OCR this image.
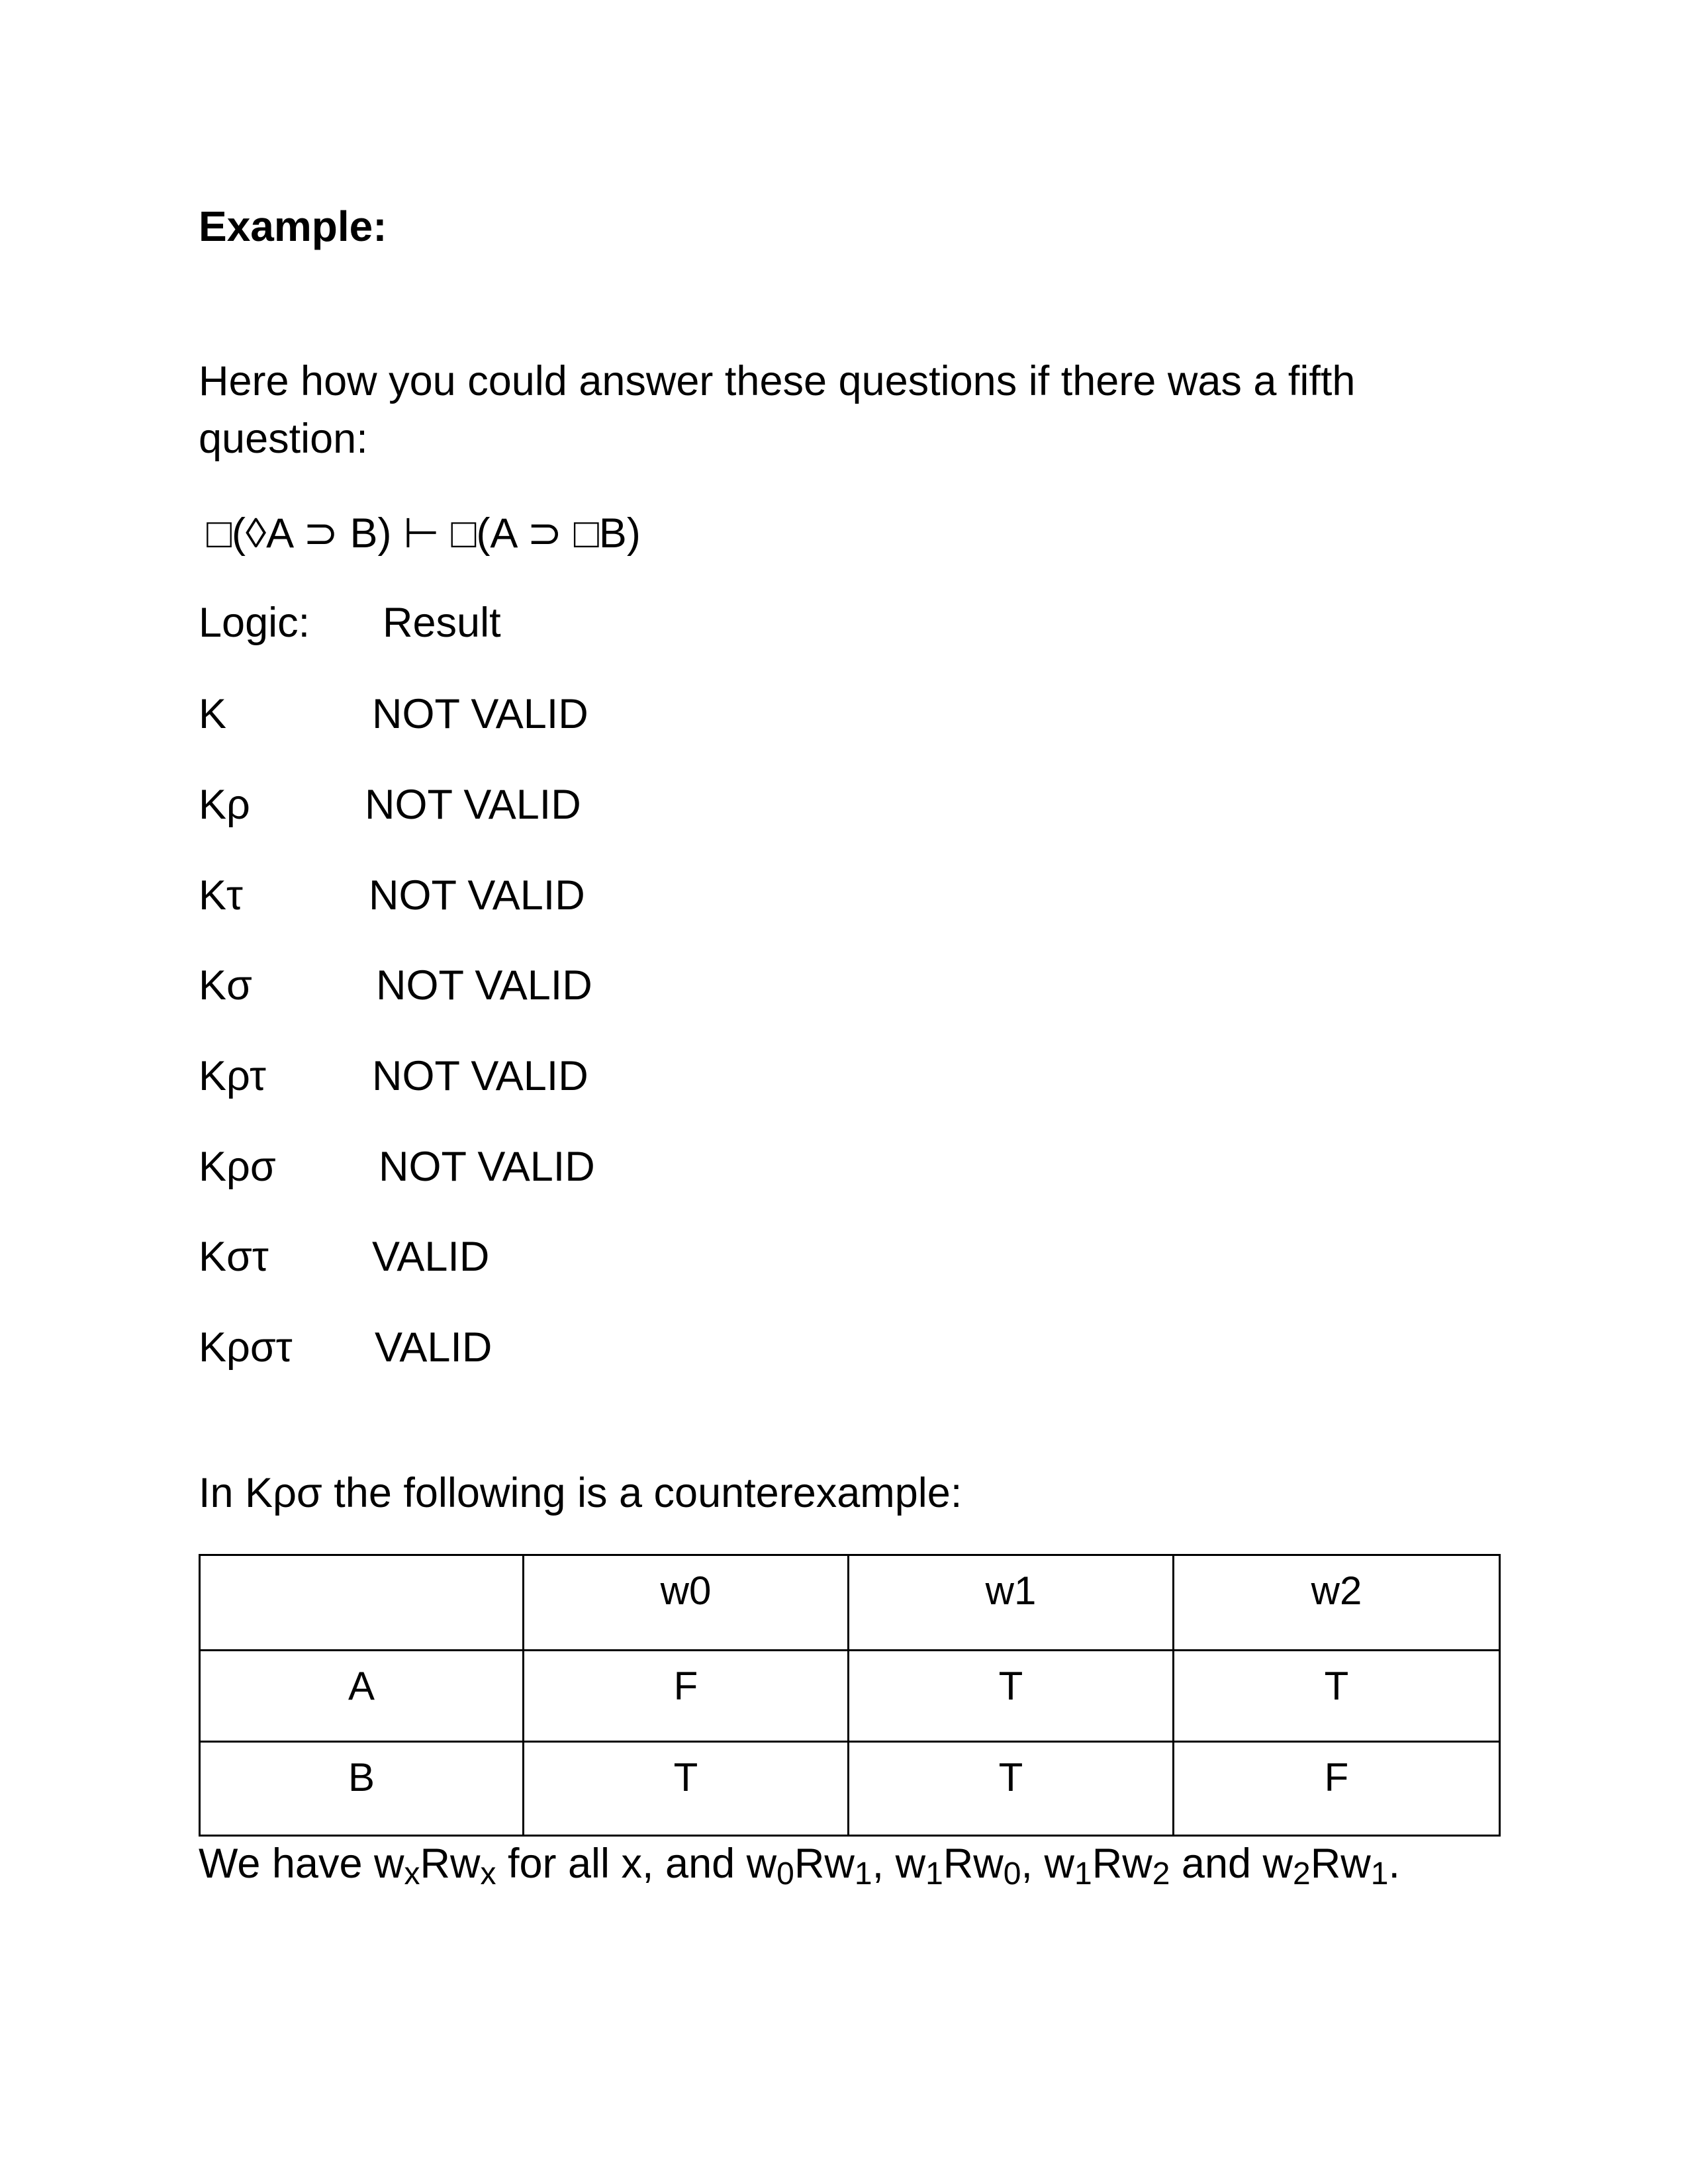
Example:
Here how you could answer these questions if there was a fifth
question:
□(◊A ⊃ B) ⊢ □(A ⊃ □B)
Logic: Result
K	NOT VALID
Kρ	NOT VALID
Kτ	NOT VALID
Kσ	NOT VALID
Kρτ	NOT VALID
Kρσ NOT VALID
Kστ VALID
Kρστ VALID
In Kρσ the following is a counterexample:
	w0	w1	w2
A	F	T	T
B	T	T	F
We have $w_xRw_x$ for all x, and $w_0Rw_1$, $w_1Rw_0$, $w_1Rw_2$ and $w_2Rw_1$.
